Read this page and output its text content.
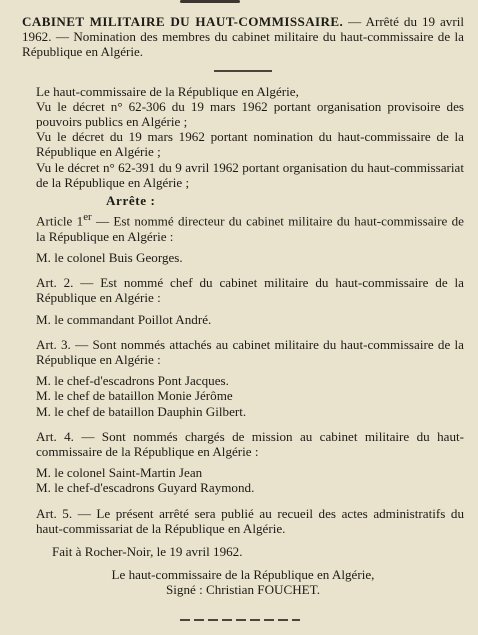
CABINET MILITAIRE DU HAUT-COMMISSAIRE. — Arrêté du 19 avril 1962. — Nomination des membres du cabinet militaire du haut-commissaire de la République en Algérie.

Le haut-commissaire de la République en Algérie,

Vu le décret n° 62-306 du 19 mars 1962 portant organisation provisoire des pouvoirs publics en Algérie ;

Vu le décret du 19 mars 1962 portant nomination du haut-commissaire de la République en Algérie ;

Vu le décret n° 62-391 du 9 avril 1962 portant organisation du haut-commissariat de la République en Algérie ;

Arrête :

Article 1er — Est nommé directeur du cabinet militaire du haut-commissaire de la République en Algérie :

M. le colonel Buis Georges.

Art. 2. — Est nommé chef du cabinet militaire du haut-commissaire de la République en Algérie :

M. le commandant Poillot André.

Art. 3. — Sont nommés attachés au cabinet militaire du haut-commissaire de la République en Algérie :

M. le chef-d'escadrons Pont Jacques.

M. le chef de bataillon Monie Jérôme

M. le chef de bataillon Dauphin Gilbert.

Art. 4. — Sont nommés chargés de mission au cabinet militaire du haut-commissaire de la République en Algérie :

M. le colonel Saint-Martin Jean

M. le chef-d'escadrons Guyard Raymond.

Art. 5. — Le présent arrêté sera publié au recueil des actes administratifs du haut-commissariat de la République en Algérie.

Fait à Rocher-Noir, le 19 avril 1962.

Le haut-commissaire de la République en Algérie,

Signé : Christian FOUCHET.
